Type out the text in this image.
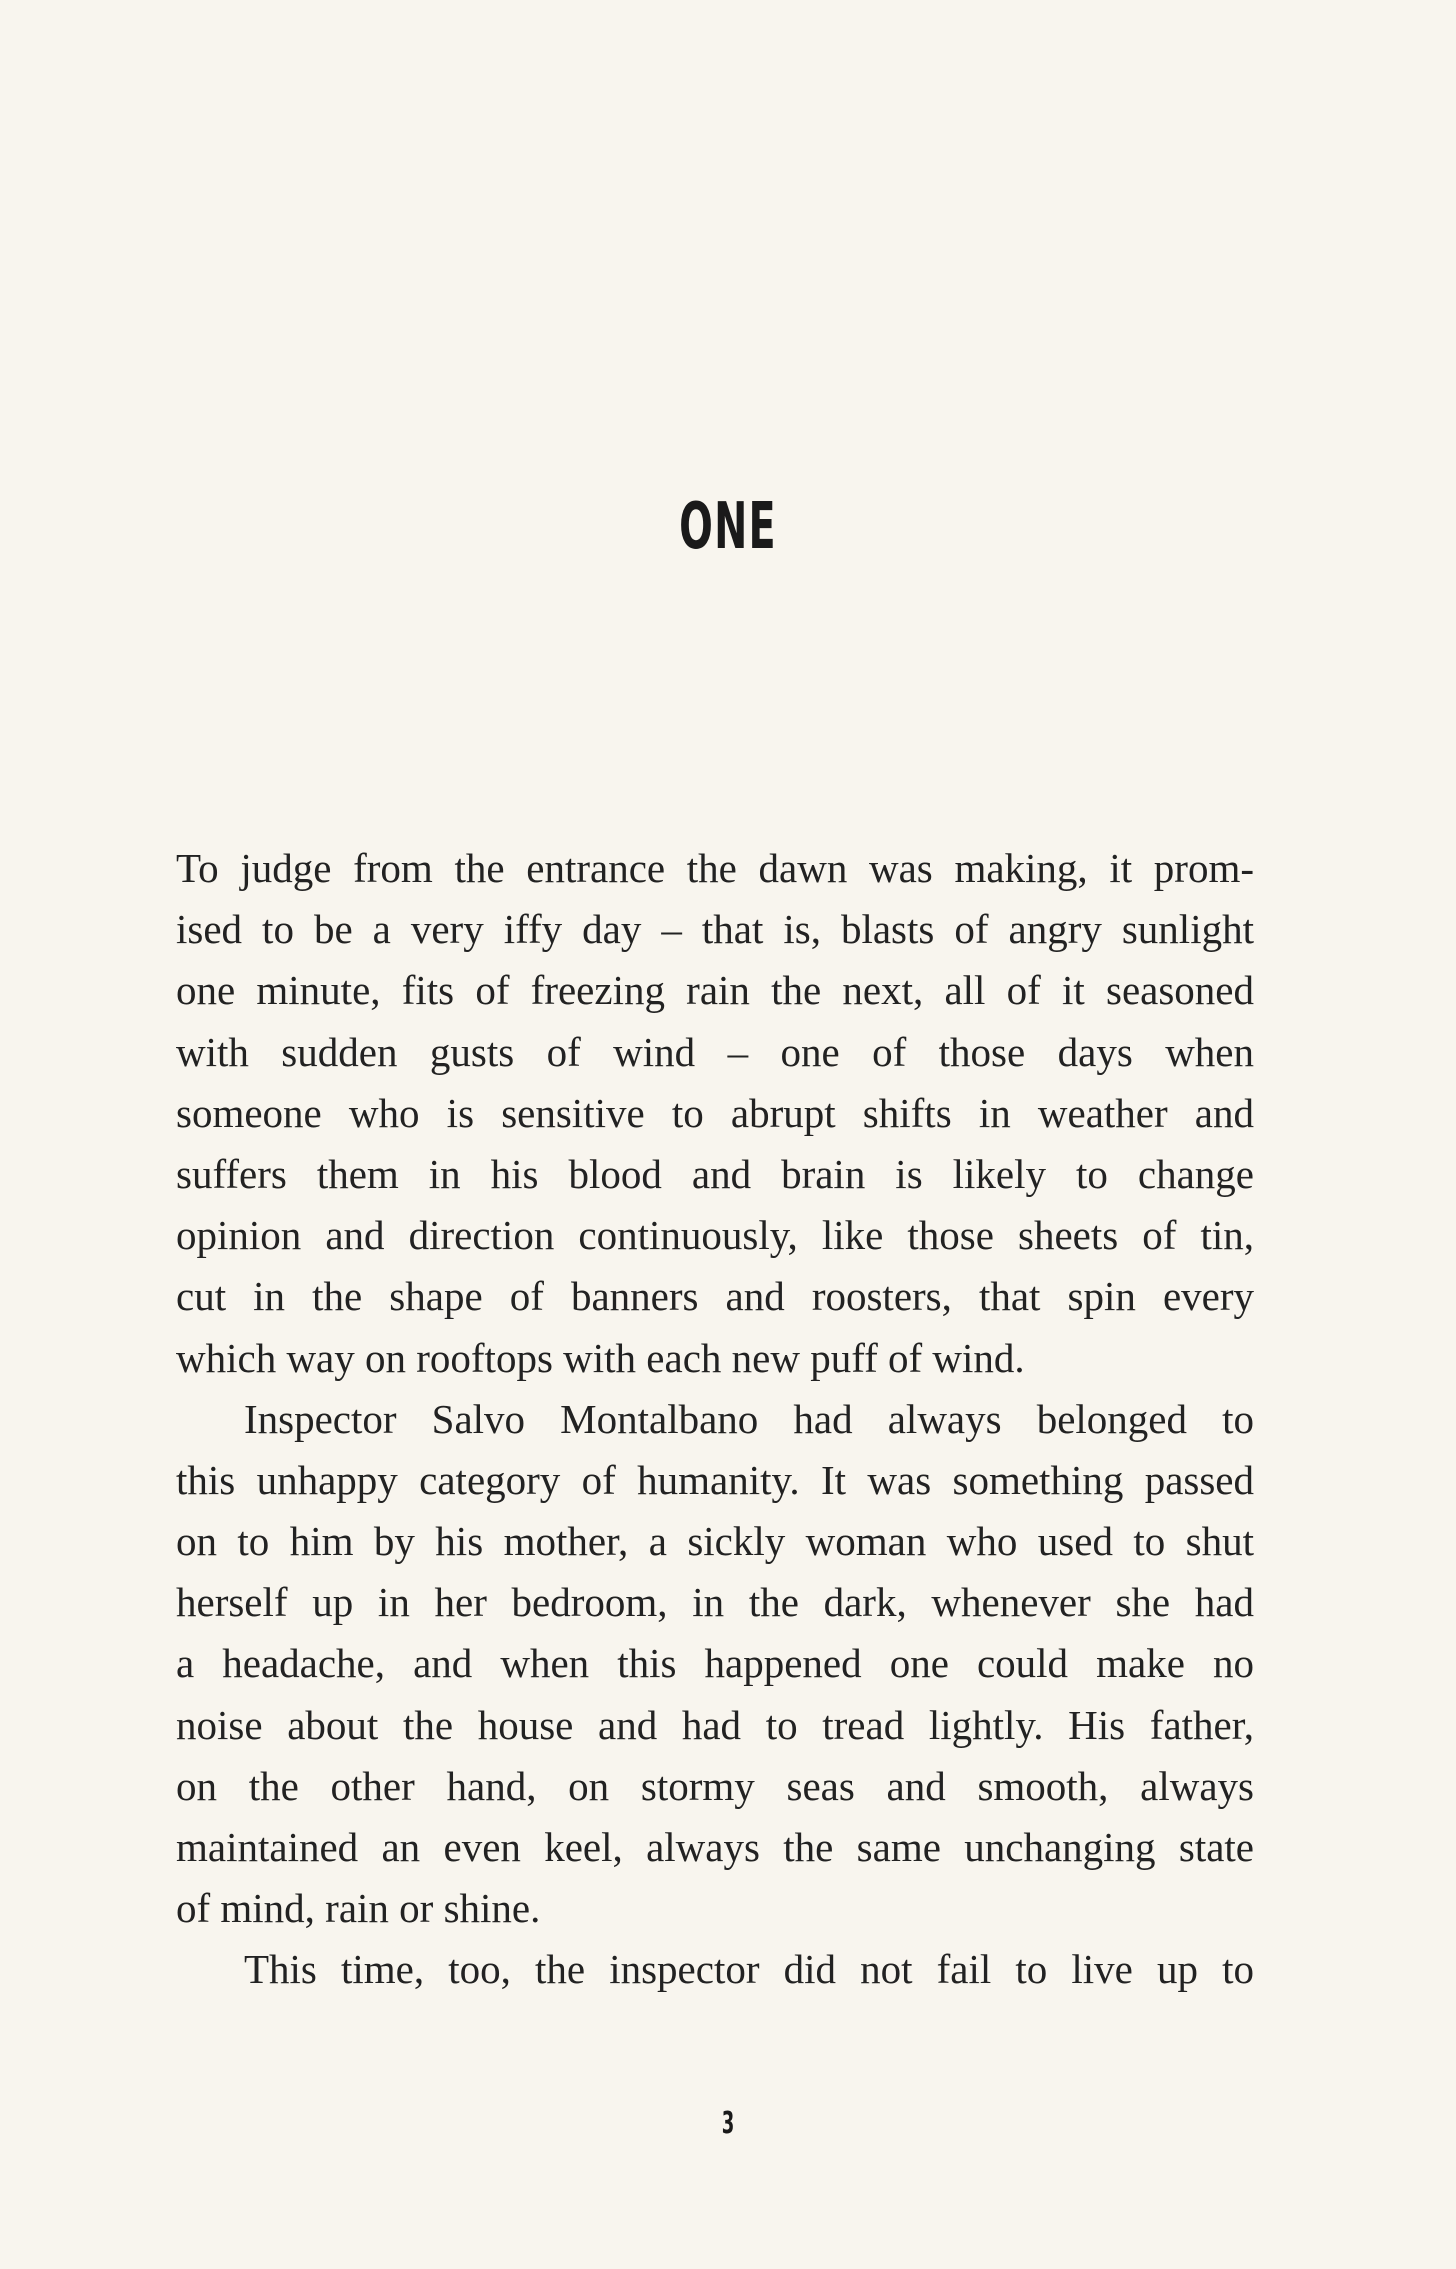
ONE
To judge from the entrance the dawn was making, it prom-
ised to be a very iffy day – that is, blasts of angry sunlight
one minute, fits of freezing rain the next, all of it seasoned
with sudden gusts of wind – one of those days when
someone who is sensitive to abrupt shifts in weather and
suffers them in his blood and brain is likely to change
opinion and direction continuously, like those sheets of tin,
cut in the shape of banners and roosters, that spin every
which way on rooftops with each new puff of wind.
Inspector Salvo Montalbano had always belonged to
this unhappy category of humanity. It was something passed
on to him by his mother, a sickly woman who used to shut
herself up in her bedroom, in the dark, whenever she had
a headache, and when this happened one could make no
noise about the house and had to tread lightly. His father,
on the other hand, on stormy seas and smooth, always
maintained an even keel, always the same unchanging state
of mind, rain or shine.
This time, too, the inspector did not fail to live up to
3
